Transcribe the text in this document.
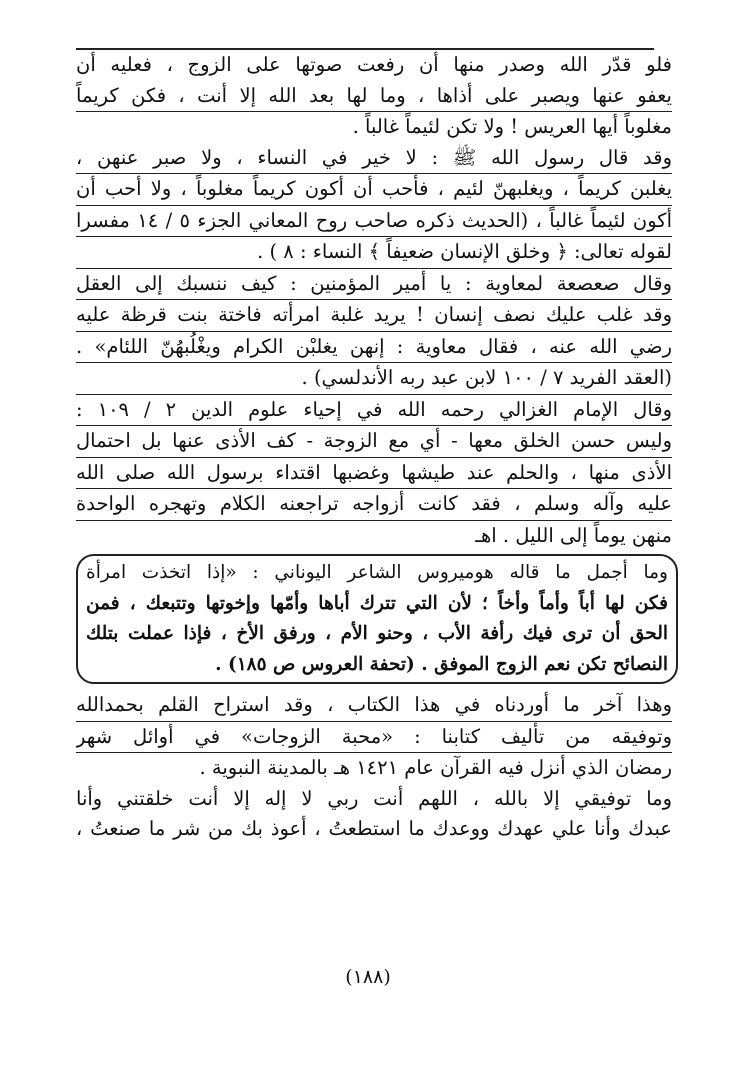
فلو قدّر الله وصدر منها أن رفعت صوتها على الزوج ، فعليه أن
يعفو عنها ويصبر على أذاها ، وما لها بعد الله إلا أنت ، فكن كريماً
مغلوباً أيها العريس ! ولا تكن لئيماً غالباً .
وقد قال رسول الله ﷺ : لا خير في النساء ، ولا صبر عنهن ،
يغلبن كريماً ، ويغلبهنّ لئيم ، فأحب أن أكون كريماً مغلوباً ، ولا أحب أن
أكون لئيماً غالباً ، (الحديث ذكره صاحب روح المعاني الجزء ٥ / ١٤ مفسرا
لقوله تعالى: ﴿ وخلق الإنسان ضعيفاً ﴾ النساء : ٨ ) .
وقال صعصعة لمعاوية : يا أمير المؤمنين : كيف ننسبك إلى العقل
وقد غلب عليك نصف إنسان ! يريد غلبة امرأته فاختة بنت قرظة عليه
رضي الله عنه ، فقال معاوية : إنهن يغلبْن الكرام ويغْلُبهُنّ اللئام» .
(العقد الفريد ٧ / ١٠٠ لابن عبد ربه الأندلسي) .
وقال الإمام الغزالي رحمه الله في إحياء علوم الدين ٢ / ١٠٩ :
وليس حسن الخلق معها - أي مع الزوجة - كف الأذى عنها بل احتمال
الأذى منها ، والحلم عند طيشها وغضبها اقتداء برسول الله صلى الله
عليه وآله وسلم ، فقد كانت أزواجه تراجعنه الكلام وتهجره الواحدة
منهن يوماً إلى الليل . اهـ
وما أجمل ما قاله هوميروس الشاعر اليوناني : «إذا اتخذت امرأة
فكن لها أباً وأماً وأخاً ؛ لأن التي تترك أباها وأمّها وإخوتها وتتبعك ، فمن
الحق أن ترى فيك رأفة الأب ، وحنو الأم ، ورفق الأخ ، فإذا عملت بتلك
النصائح تكن نعم الزوج الموفق . (تحفة العروس ص ١٨٥) .
وهذا آخر ما أوردناه في هذا الكتاب ، وقد استراح القلم بحمدالله
وتوفيقه من تأليف كتابنا : «محبة الزوجات» في أوائل شهر
رمضان الذي أنزل فيه القرآن عام ١٤٢١ هـ بالمدينة النبوية .
وما توفيقي إلا بالله ، اللهم أنت ربي لا إله إلا أنت خلقتني وأنا
عبدك وأنا علي عهدك ووعدك ما استطعتُ ، أعوذ بك من شر ما صنعتُ ،
(١٨٨)
